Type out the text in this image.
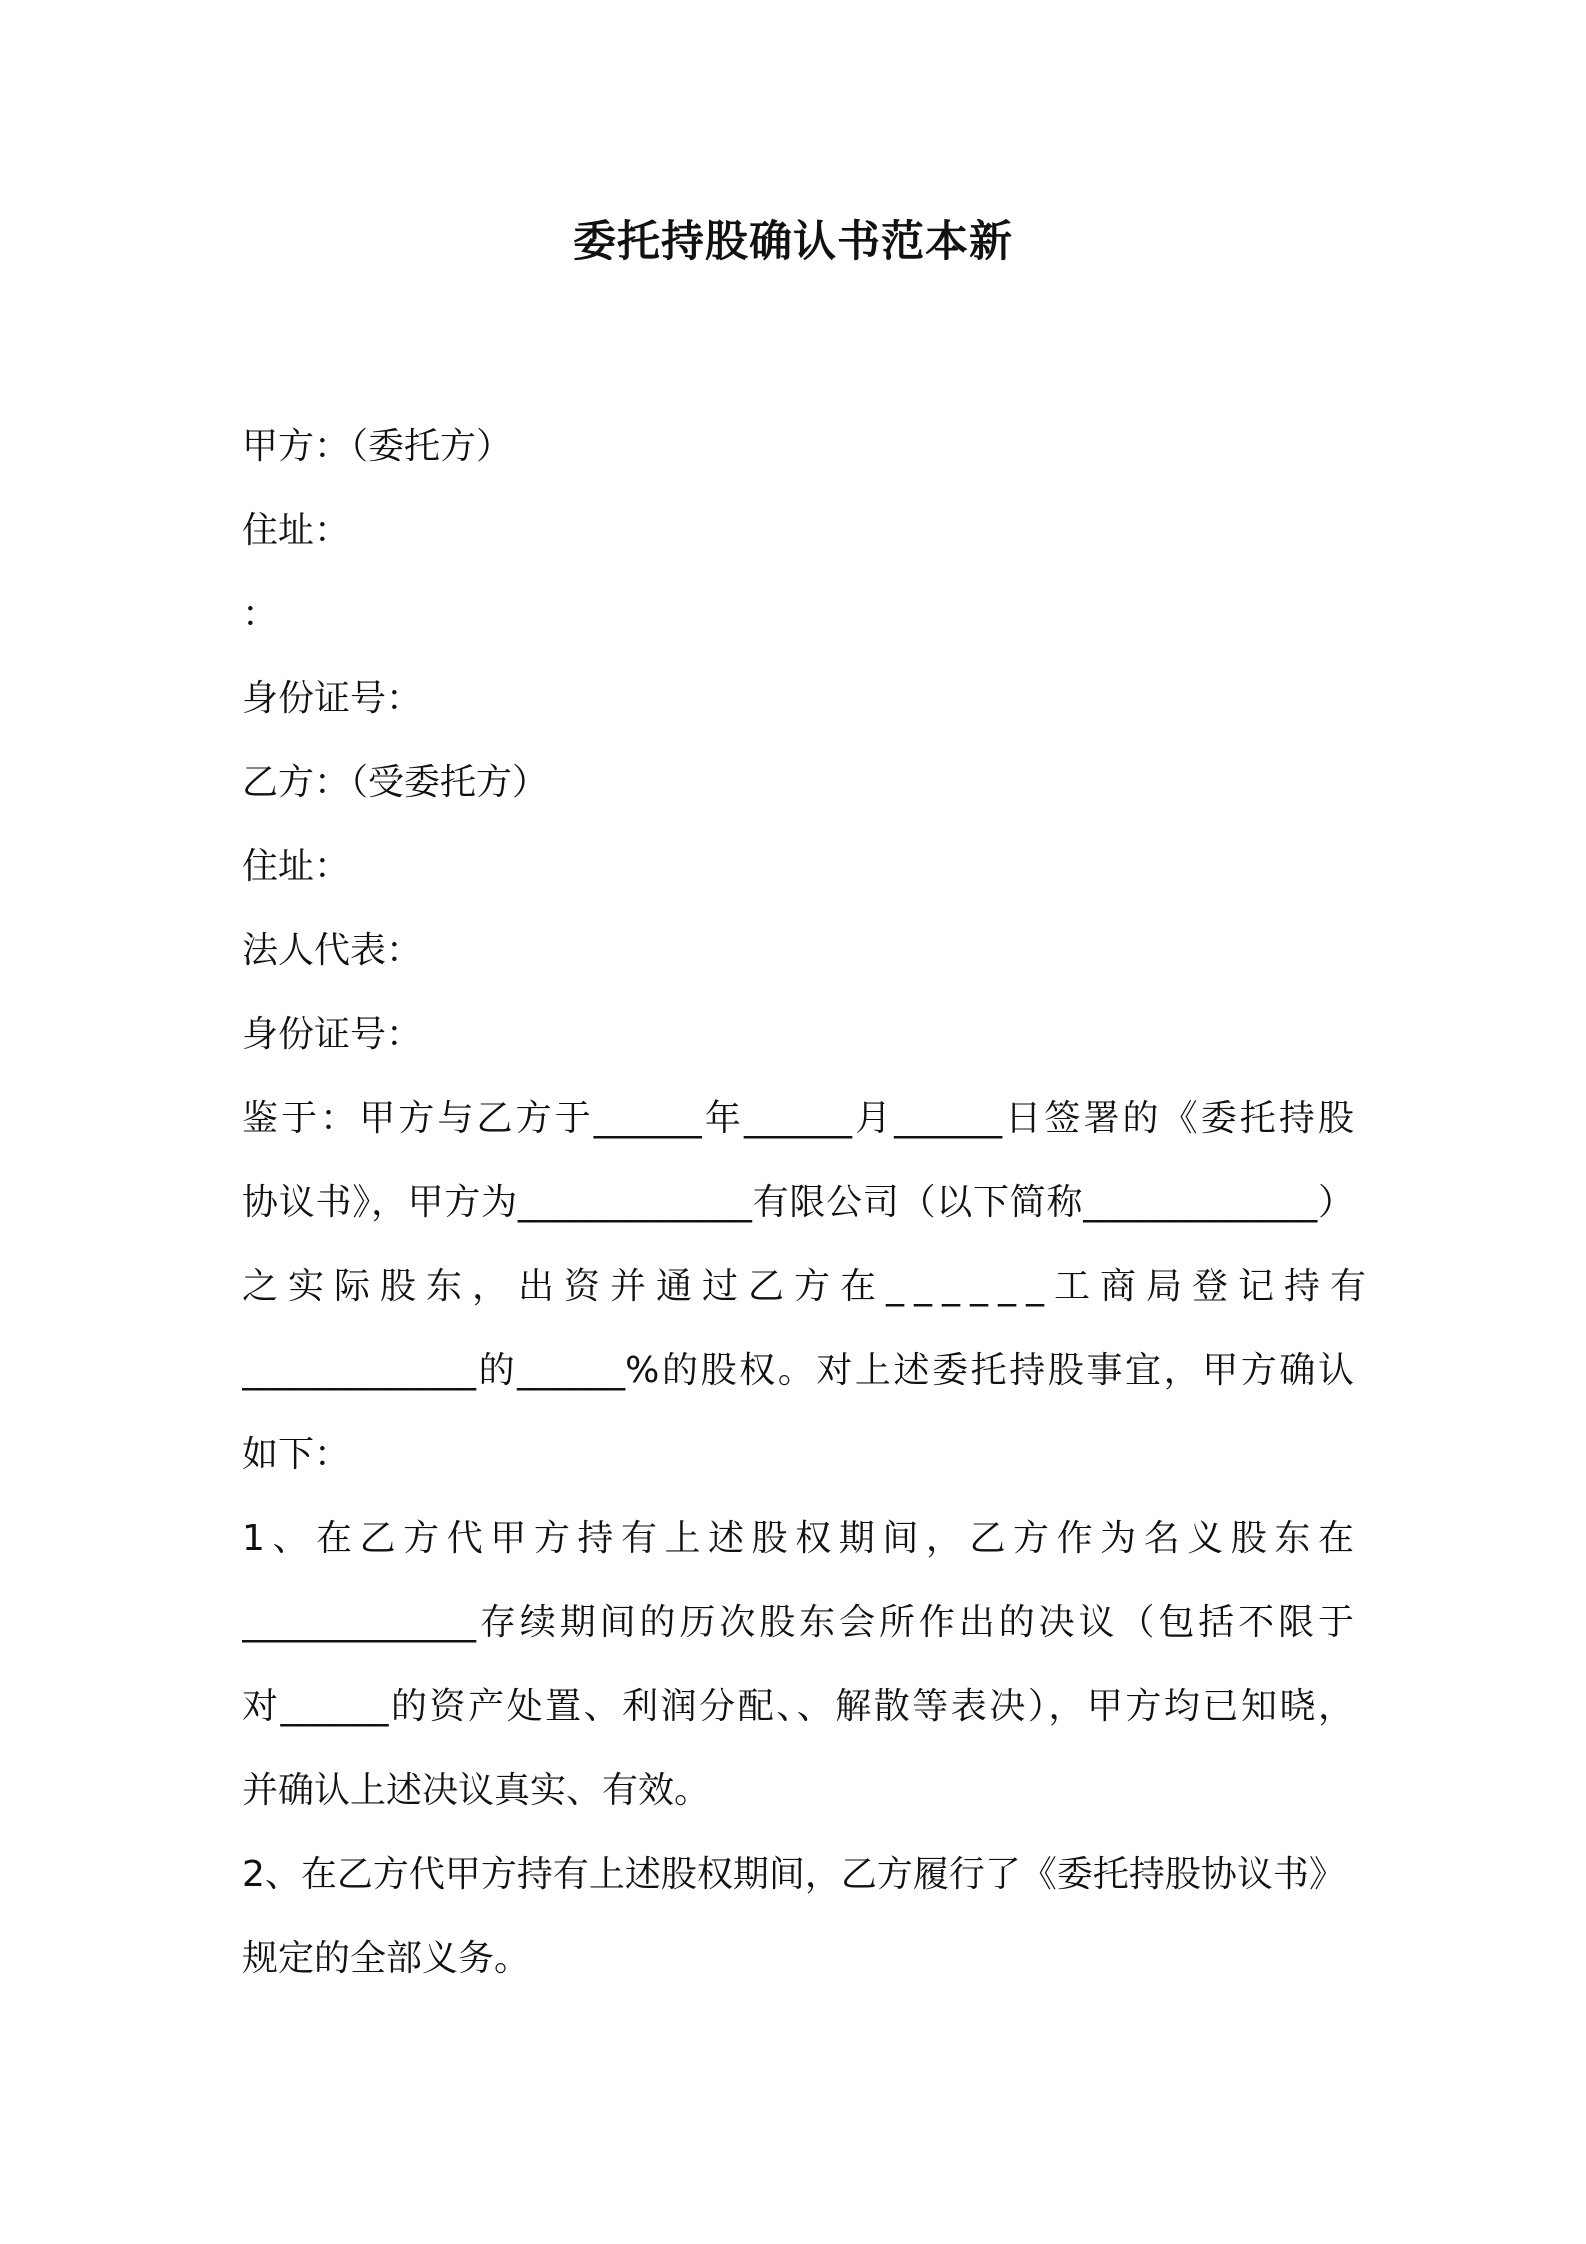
委托持股确认书范本新

甲方：（委托方）

住址：

：

身份证号：

乙方：（受委托方）

住址：

法人代表：

身份证号：

鉴于：甲方与乙方于______年______月______日签署的《委托持股

协议书》，甲方为_____________有限公司（以下简称_____________）

之实际股东，出资并通过乙方在______工商局登记持有

_____________的______%的股权。对上述委托持股事宜，甲方确认

如下：

1、在乙方代甲方持有上述股权期间，乙方作为名义股东在

_____________存续期间的历次股东会所作出的决议（包括不限于

对______的资产处置、利润分配、、解散等表决），甲方均已知晓，

并确认上述决议真实、有效。

2、在乙方代甲方持有上述股权期间，乙方履行了《委托持股协议书》

规定的全部义务。
